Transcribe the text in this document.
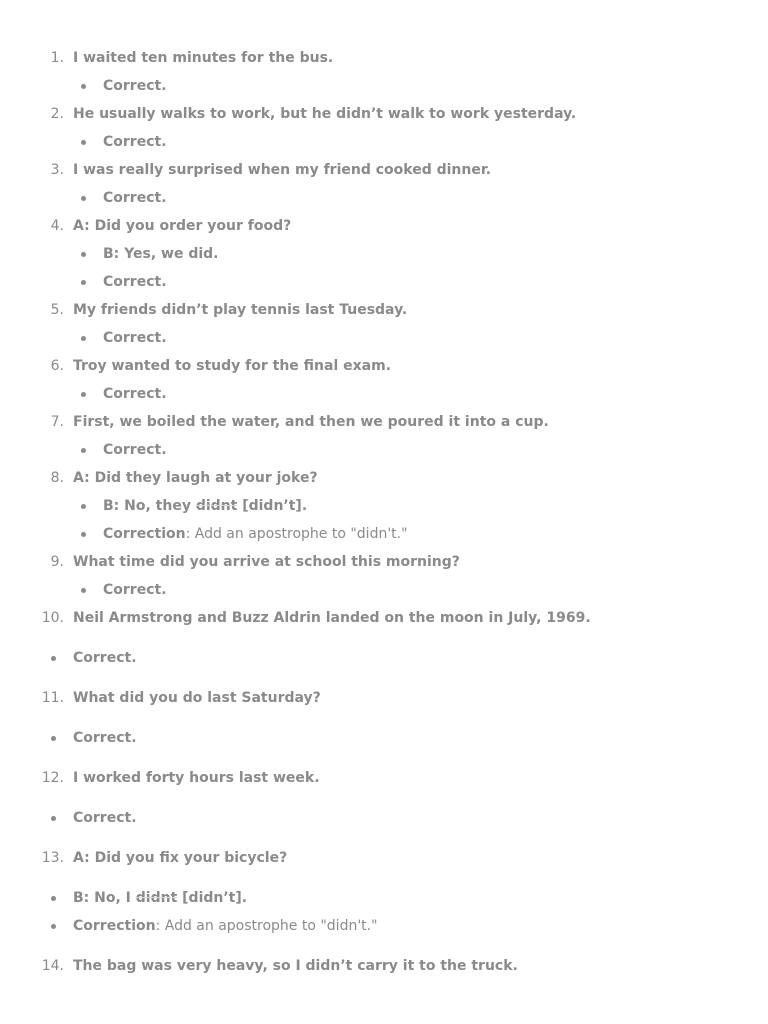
1. I waited ten minutes for the bus.
Correct.
2. He usually walks to work, but he didn’t walk to work yesterday.
Correct.
3. I was really surprised when my friend cooked dinner.
Correct.
4. A: Did you order your food?
B: Yes, we did.
Correct.
5. My friends didn’t play tennis last Tuesday.
Correct.
6. Troy wanted to study for the final exam.
Correct.
7. First, we boiled the water, and then we poured it into a cup.
Correct.
8. A: Did they laugh at your joke?
B: No, they didnt [didn’t].
Correction: Add an apostrophe to "didn't."
9. What time did you arrive at school this morning?
Correct.
10. Neil Armstrong and Buzz Aldrin landed on the moon in July, 1969.
Correct.
11. What did you do last Saturday?
Correct.
12. I worked forty hours last week.
Correct.
13. A: Did you fix your bicycle?
B: No, I didnt [didn’t].
Correction: Add an apostrophe to "didn't."
14. The bag was very heavy, so I didn’t carry it to the truck.
